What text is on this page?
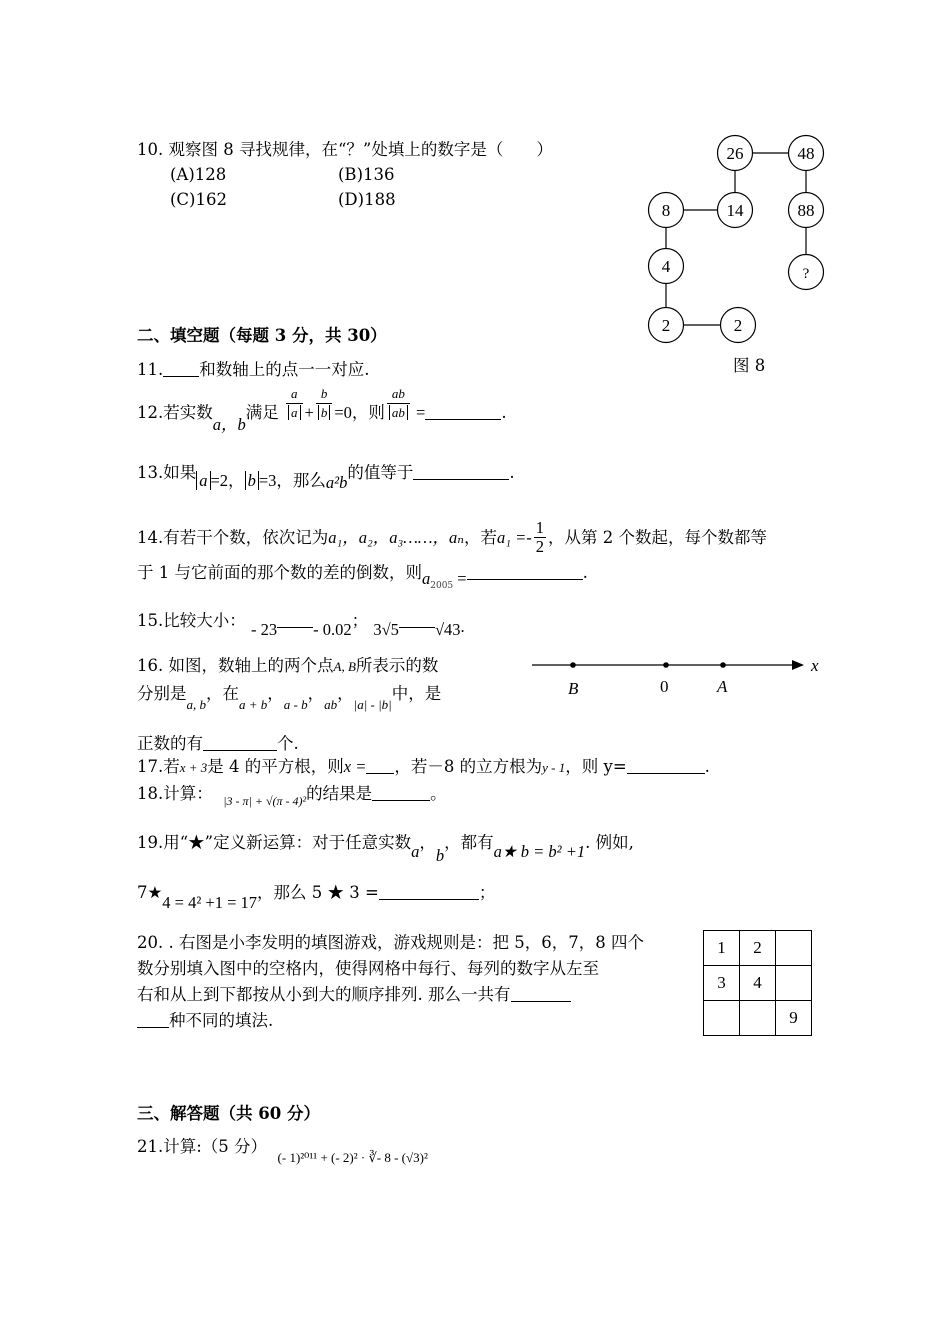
10. 观察图 8 寻找规律，在“？”处填上的数字是（　　）
(A)128	(B)136
(C)162	(D)188
26	48
8	14	88
4	?
2	2
图 8
二、填空题（每题 3 分，共 30）
11. 和数轴上的点一一对应.
12.若实数a，b满足 $\frac{a}{a} + \frac{b}{b} =0$，则 $\frac{ab}{ab}$ =	.
13.如果 a =2， b =3，那么a²b的值等于	.
14.有若干个数，依次记为a₁，a₂，a₃……，aₙ，若$a_1 =- \frac{1}{2}$ ，从第 2 个数起，每个数都等
于 1 与它前面的那个数的差的倒数，则$a_{2005}$ =	.
15.比较大小： - 23 - 0.02； 3√5 √43.
16. 如图，数轴上的两个点A, B所表示的数
分别是$_{a, b}$，在$_{a + b}$，$_{a - b}$，$_{ab}$，$_{|a| - |b|}$中，是
正数的有	个.
B	0	A
x
17.若x + 3是 4 的平方根，则x = ，若－8 的立方根为y - 1，则 y=	.
18.计算： $_{|3 - \pi| + √(\pi - 4)^2}$的结果是	。
19.用“★”定义新运算：对于任意实数a，b，都有a★ b = b² +1. 例如,
7★4 = 4² +1 = 17，那么 5 ★ 3 =	；
20. . 右图是小李发明的填图游戏，游戏规则是：把 5，6，7，8 四个
数分别填入图中的空格内，使得网格中每行、每列的数字从左至
右和从上到下都按从小到大的顺序排列. 那么一共有
种不同的填法.
1	2	
3	4	
		9
三、解答题（共 60 分）
21.计算:（5 分）  $_{(- 1)^{2011} + (- 2)^2 \cdot ∛- 8 - (√3)^2}$
